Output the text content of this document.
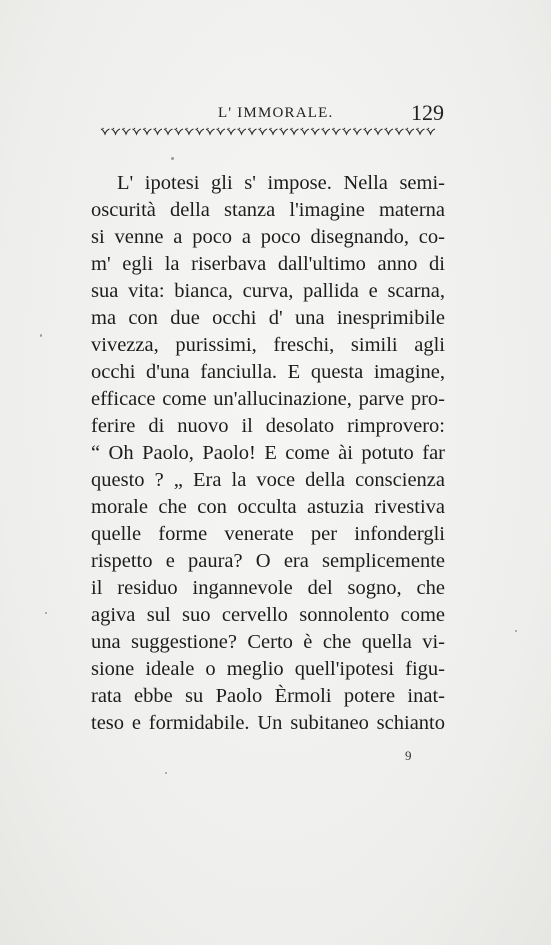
L' IMMORALE.	129
L' ipotesi gli s' impose. Nella semi-
oscurità della stanza l'imagine materna
si venne a poco a poco disegnando, co-
m' egli la riserbava dall'ultimo anno di
sua vita: bianca, curva, pallida e scarna,
ma con due occhi d' una inesprimibile
vivezza, purissimi, freschi, simili agli
occhi d'una fanciulla. E questa imagine,
efficace come un'allucinazione, parve pro-
ferire di nuovo il desolato rimprovero:
“ Oh Paolo, Paolo! E come ài potuto far
questo ? „ Era la voce della conscienza
morale che con occulta astuzia rivestiva
quelle forme venerate per infondergli
rispetto e paura? O era semplicemente
il residuo ingannevole del sogno, che
agiva sul suo cervello sonnolento come
una suggestione? Certo è che quella vi-
sione ideale o meglio quell'ipotesi figu-
rata ebbe su Paolo Èrmoli potere inat-
teso e formidabile. Un subitaneo schianto
9
